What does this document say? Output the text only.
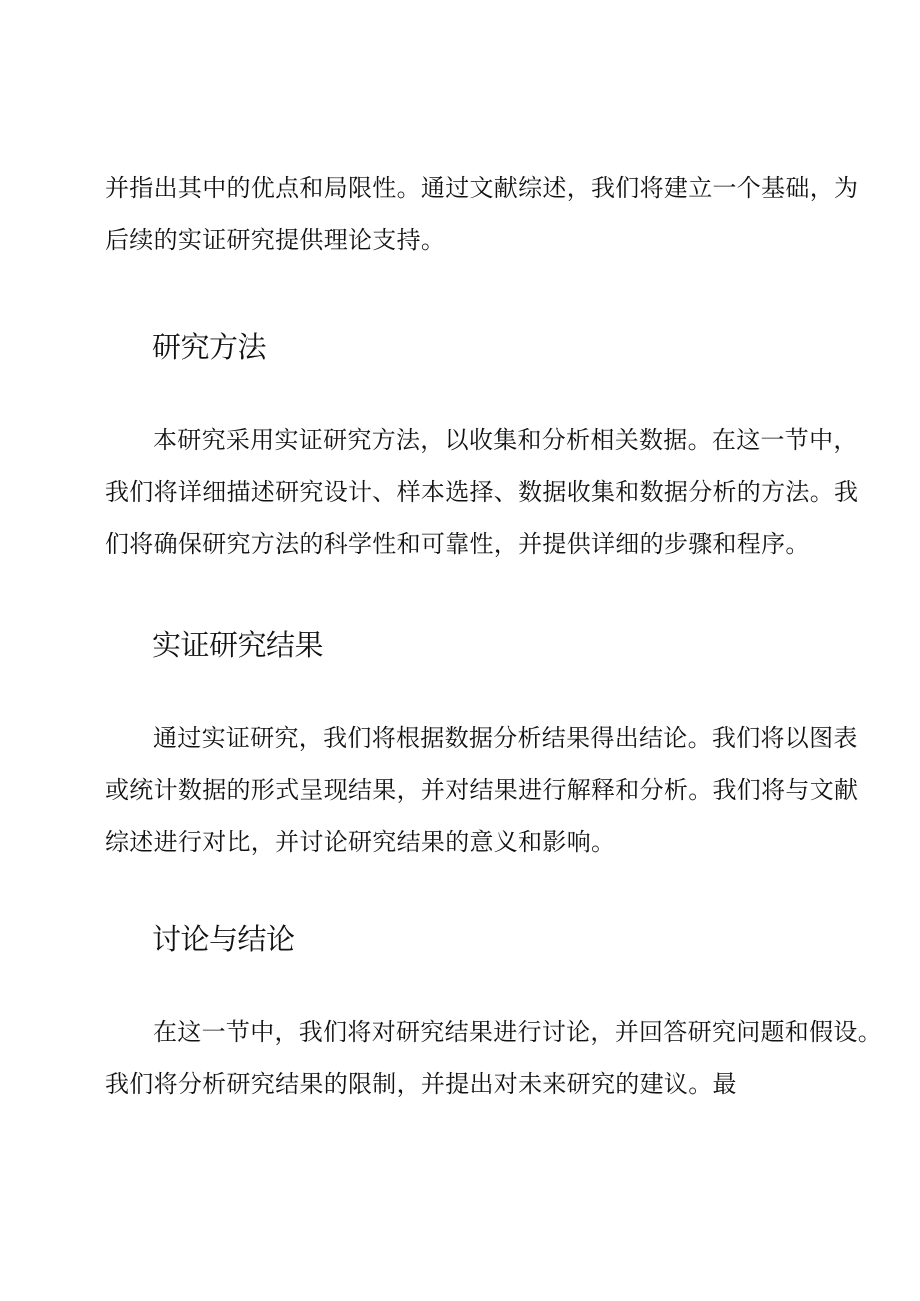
并指出其中的优点和局限性。通过文献综述，我们将建立一个基础，为
后续的实证研究提供理论支持。

研究方法

本研究采用实证研究方法，以收集和分析相关数据。在这一节中，
我们将详细描述研究设计、样本选择、数据收集和数据分析的方法。我
们将确保研究方法的科学性和可靠性，并提供详细的步骤和程序。

实证研究结果

通过实证研究，我们将根据数据分析结果得出结论。我们将以图表
或统计数据的形式呈现结果，并对结果进行解释和分析。我们将与文献
综述进行对比，并讨论研究结果的意义和影响。

讨论与结论

在这一节中，我们将对研究结果进行讨论，并回答研究问题和假设。
我们将分析研究结果的限制，并提出对未来研究的建议。最
